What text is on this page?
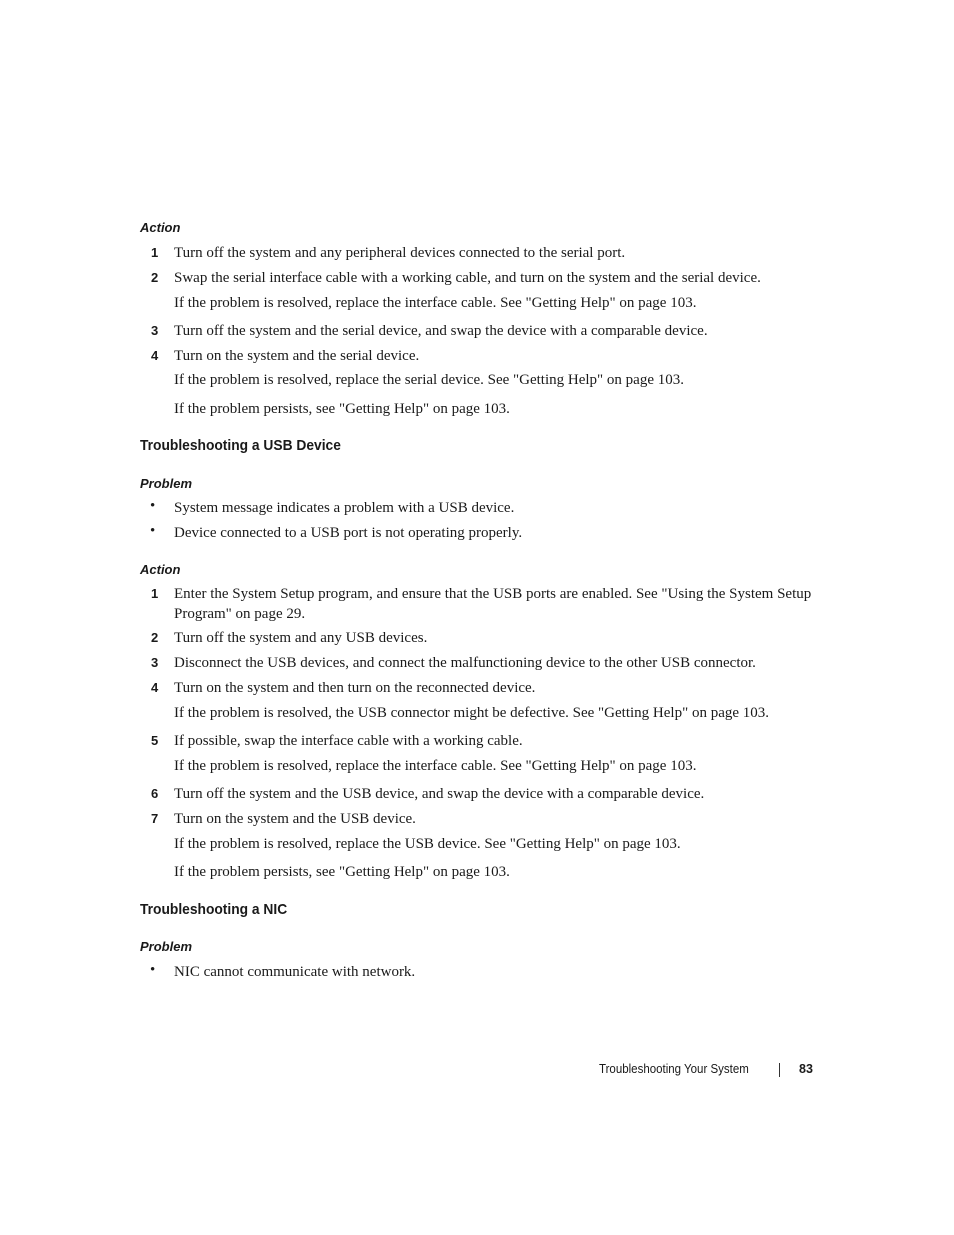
Action
1 Turn off the system and any peripheral devices connected to the serial port.
2 Swap the serial interface cable with a working cable, and turn on the system and the serial device.
If the problem is resolved, replace the interface cable. See "Getting Help" on page 103.
3 Turn off the system and the serial device, and swap the device with a comparable device.
4 Turn on the system and the serial device.
If the problem is resolved, replace the serial device. See "Getting Help" on page 103.
If the problem persists, see "Getting Help" on page 103.
Troubleshooting a USB Device
Problem
• System message indicates a problem with a USB device.
• Device connected to a USB port is not operating properly.
Action
1 Enter the System Setup program, and ensure that the USB ports are enabled. See "Using the System Setup Program" on page 29.
2 Turn off the system and any USB devices.
3 Disconnect the USB devices, and connect the malfunctioning device to the other USB connector.
4 Turn on the system and then turn on the reconnected device.
If the problem is resolved, the USB connector might be defective. See "Getting Help" on page 103.
5 If possible, swap the interface cable with a working cable.
If the problem is resolved, replace the interface cable. See "Getting Help" on page 103.
6 Turn off the system and the USB device, and swap the device with a comparable device.
7 Turn on the system and the USB device.
If the problem is resolved, replace the USB device. See "Getting Help" on page 103.
If the problem persists, see "Getting Help" on page 103.
Troubleshooting a NIC
Problem
• NIC cannot communicate with network.
Troubleshooting Your System	83
